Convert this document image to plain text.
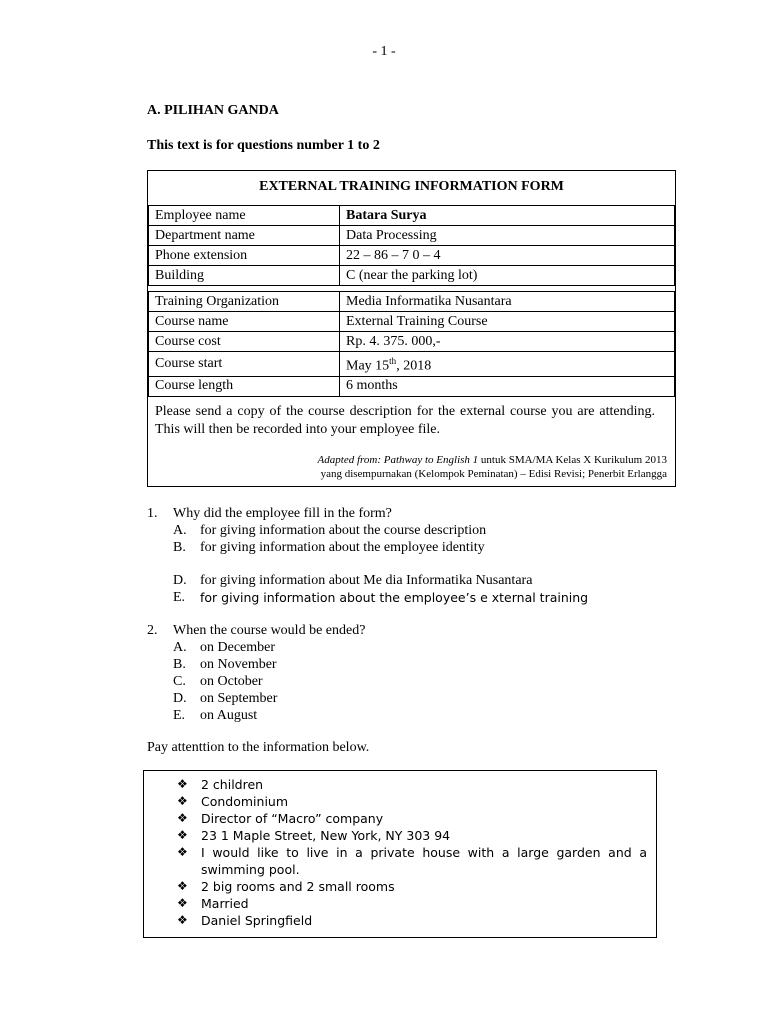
- 1 -
A. PILIHAN GANDA
This text is for questions number 1 to 2
EXTERNAL TRAINING INFORMATION FORM
Employee name	Batara Surya
Department name	Data Processing
Phone extension	22 – 86 – 7 0 – 4
Building	C (near the parking lot)
Training Organization	Media Informatika Nusantara
Course name	External Training Course
Course cost	Rp. 4. 375. 000,-
Course start	May 15th, 2018
Course length	6 months
Please send a copy of the course description for the external course you are attending. This will then be recorded into your employee file.
Adapted from: Pathway to English 1 untuk SMA/MA Kelas X Kurikulum 2013
yang disempurnakan (Kelompok Peminatan) – Edisi Revisi; Penerbit Erlangga
1. Why did the employee fill in the form?
A. for giving information about the course description
B.	for giving information about the employee identity
D. for giving information about Me dia Informatika Nusantara
E.	for giving information about the employee’s e xternal training
2. When the course would be ended?
A. on December
B.	on November
C.	on October
D. on September
E.	on August
Pay attenttion to the information below.
❖	2 children
❖	Condominium
❖	Director of “Macro” company
❖	23 1 Maple Street, New York, NY 303 94
❖	I would like to live in a private house with a large garden and a swimming pool.
❖	2 big rooms and 2 small rooms
❖	Married
❖	Daniel Springfield
